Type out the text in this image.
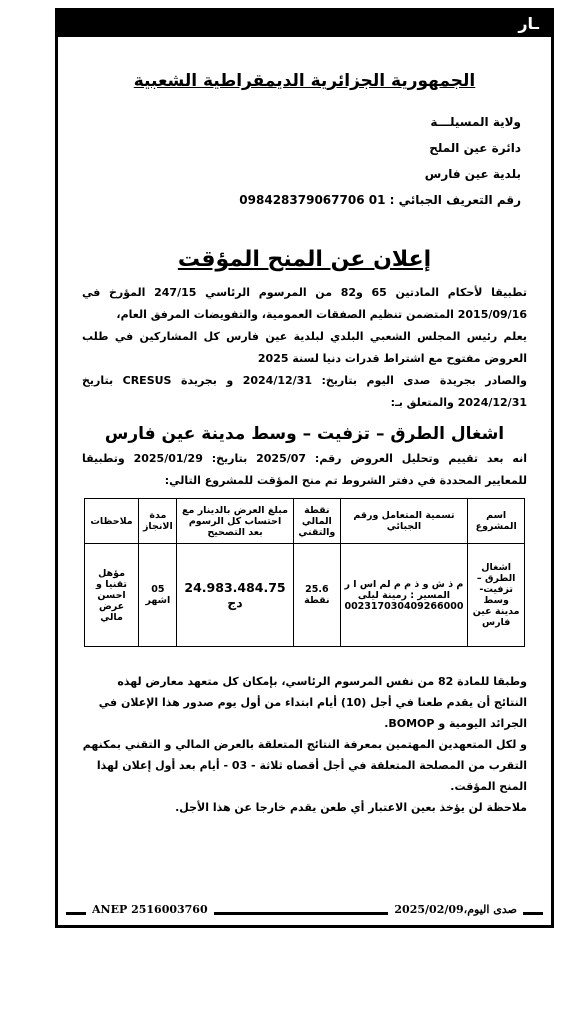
ـار
الجمهورية الجزائرية الديمقراطية الشعبية
ولاية المسيلـــة
دائرة عين الملح
بلدية عين فارس
رقم التعريف الجبائي : 01 098428379067706
إعلان عن المنح المؤقت
تطبيقا لأحكام المادتين 65 و82 من المرسوم الرئاسي 247/15 المؤرخ في 2015/09/16 المتضمن تنظيم الصفقات العمومية، والتفويضات المرفق العام،
يعلم رئيس المجلس الشعبي البلدي لبلدية عين فارس كل المشاركين في طلب العروض مفتوح مع اشتراط قدرات دنيا لسنة 2025
والصادر بجريدة صدى اليوم بتاريخ: 2024/12/31 و بجريدة CRESUS بتاريخ 2024/12/31 والمتعلق بـ:
اشغال الطرق – تزفيت – وسط مدينة عين فارس
انه بعد تقييم وتحليل العروض رقم: 2025/07 بتاريخ: 2025/01/29 وتطبيقا للمعايير المحددة في دفتر الشروط تم منح المؤقت للمشروع التالي:
اسم المشروع	تسمية المتعامل ورقم الجبائي	نقطة المالي والتقني	مبلغ العرض بالدينار مع احتساب كل الرسوم بعد التصحيح	مدة الانجاز	ملاحظات
اشغال الطرق – تزفيت- وسط مدينة عين فارس	م ذ ش و ذ م م لم اس ا ر
المسير : رمينة ليلى
002317030409266000	25.6 نقطة	24.983.484.75 دج	05 اشهر	مؤهل تقنيا و احسن عرض مالي
وطبقا للمادة 82 من نفس المرسوم الرئاسي، بإمكان كل متعهد معارض لهذه النتائج أن يقدم طعنا في أجل (10) أيام ابتداء من أول يوم صدور هذا الإعلان في الجرائد اليومية و BOMOP.
و لكل المتعهدين المهتمين بمعرفة النتائج المتعلقة بالعرض المالي و التقني بمكنهم التقرب من المصلحة المتعلقة في أجل أقصاه ثلاثة - 03 - أيام بعد أول إعلان لهذا المنح المؤقت.
ملاحظة لن يؤخذ بعين الاعتبار أي طعن يقدم خارجا عن هذا الأجل.
ANEP 2516003760	صدى اليوم،2025/02/09
